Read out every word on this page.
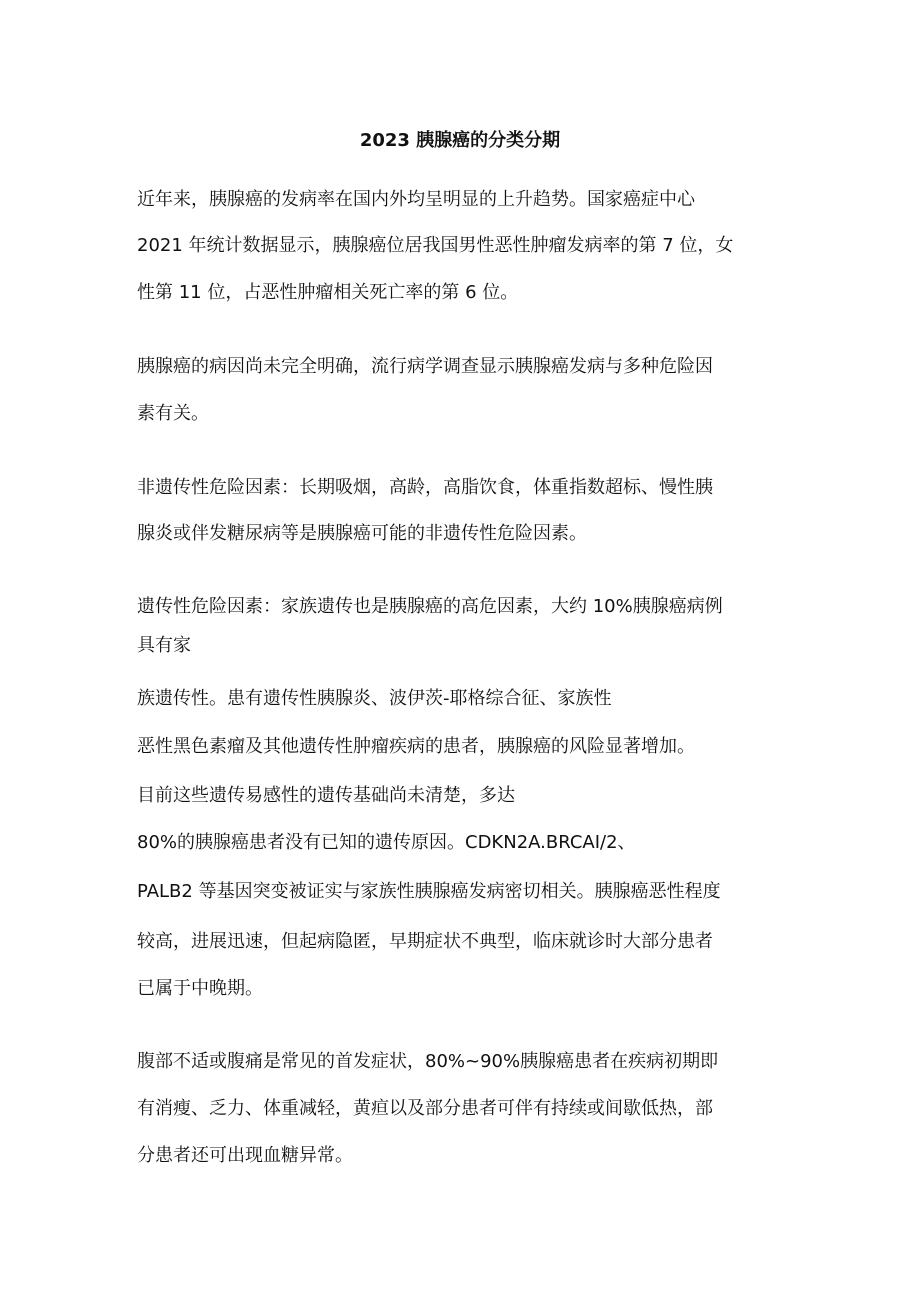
2023 胰腺癌的分类分期
近年来，胰腺癌的发病率在国内外均呈明显的上升趋势。国家癌症中心
2021 年统计数据显示，胰腺癌位居我国男性恶性肿瘤发病率的第 7 位，女
性第 11 位，占恶性肿瘤相关死亡率的第 6 位。
胰腺癌的病因尚未完全明确，流行病学调查显示胰腺癌发病与多种危险因
素有关。
非遗传性危险因素：长期吸烟，高龄，高脂饮食，体重指数超标、慢性胰
腺炎或伴发糖尿病等是胰腺癌可能的非遗传性危险因素。
遗传性危险因素：家族遗传也是胰腺癌的高危因素，大约 10%胰腺癌病例
具有家
族遗传性。患有遗传性胰腺炎、波伊茨-耶格综合征、家族性
恶性黑色素瘤及其他遗传性肿瘤疾病的患者，胰腺癌的风险显著增加。
目前这些遗传易感性的遗传基础尚未清楚，多达
80%的胰腺癌患者没有已知的遗传原因。CDKN2A.BRCAI/2、
PALB2 等基因突变被证实与家族性胰腺癌发病密切相关。胰腺癌恶性程度
较高，进展迅速，但起病隐匿，早期症状不典型，临床就诊时大部分患者
已属于中晚期。
腹部不适或腹痛是常见的首发症状，80%~90%胰腺癌患者在疾病初期即
有消瘦、乏力、体重减轻，黄疸以及部分患者可伴有持续或间歇低热，部
分患者还可出现血糖异常。
